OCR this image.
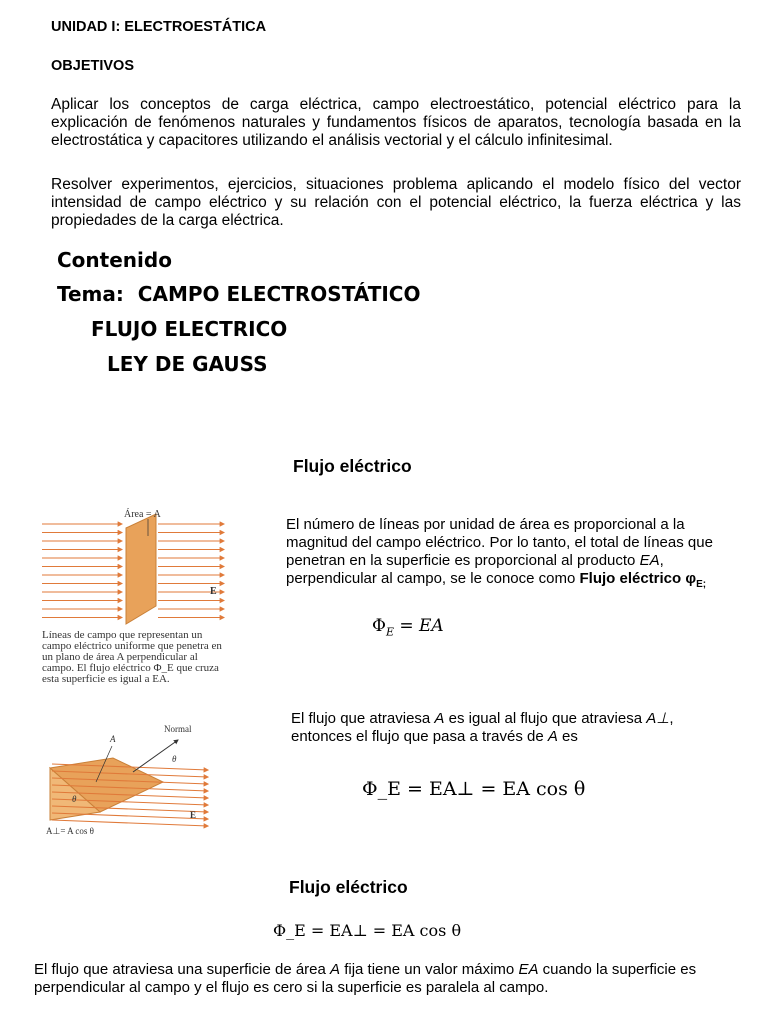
UNIDAD I: ELECTROESTÁTICA
OBJETIVOS
Aplicar los conceptos de carga eléctrica, campo electroestático, potencial eléctrico para la explicación de fenómenos naturales y fundamentos físicos de aparatos, tecnología basada en la electrostática y capacitores utilizando el análisis vectorial y el cálculo infinitesimal.
Resolver experimentos, ejercicios, situaciones problema aplicando el modelo físico del vector intensidad de campo eléctrico y su relación con el potencial eléctrico, la fuerza eléctrica y las propiedades de la carga eléctrica.
Contenido
Tema:  CAMPO ELECTROSTÁTICO
FLUJO ELECTRICO
LEY DE GAUSS
Flujo eléctrico
Área = A
E
Líneas de campo que representan un campo eléctrico uniforme que penetra en un plano de área A perpendicular al campo. El flujo eléctrico Φ_E que cruza esta superficie es igual a EA.
El número de líneas por unidad de área es proporcional a la magnitud del campo eléctrico. Por lo tanto, el total de líneas que penetran en la superficie es proporcional al producto EA, perpendicular al campo, se le conoce como Flujo eléctrico $\varphi_{E;}$
$\Phi_E$ = EA
Normal
A
θ
θ
E
A⊥= A cos θ
El flujo que atraviesa A es igual al flujo que atraviesa A⊥, entonces el flujo que pasa a través de A es
Φ_E = EA⊥ = EA cos θ
Flujo eléctrico
Φ_E = EA⊥ = EA cos θ
El flujo que atraviesa una superficie de área A fija tiene un valor máximo EA cuando la superficie es perpendicular al campo y el flujo es cero si la superficie es paralela al campo.
